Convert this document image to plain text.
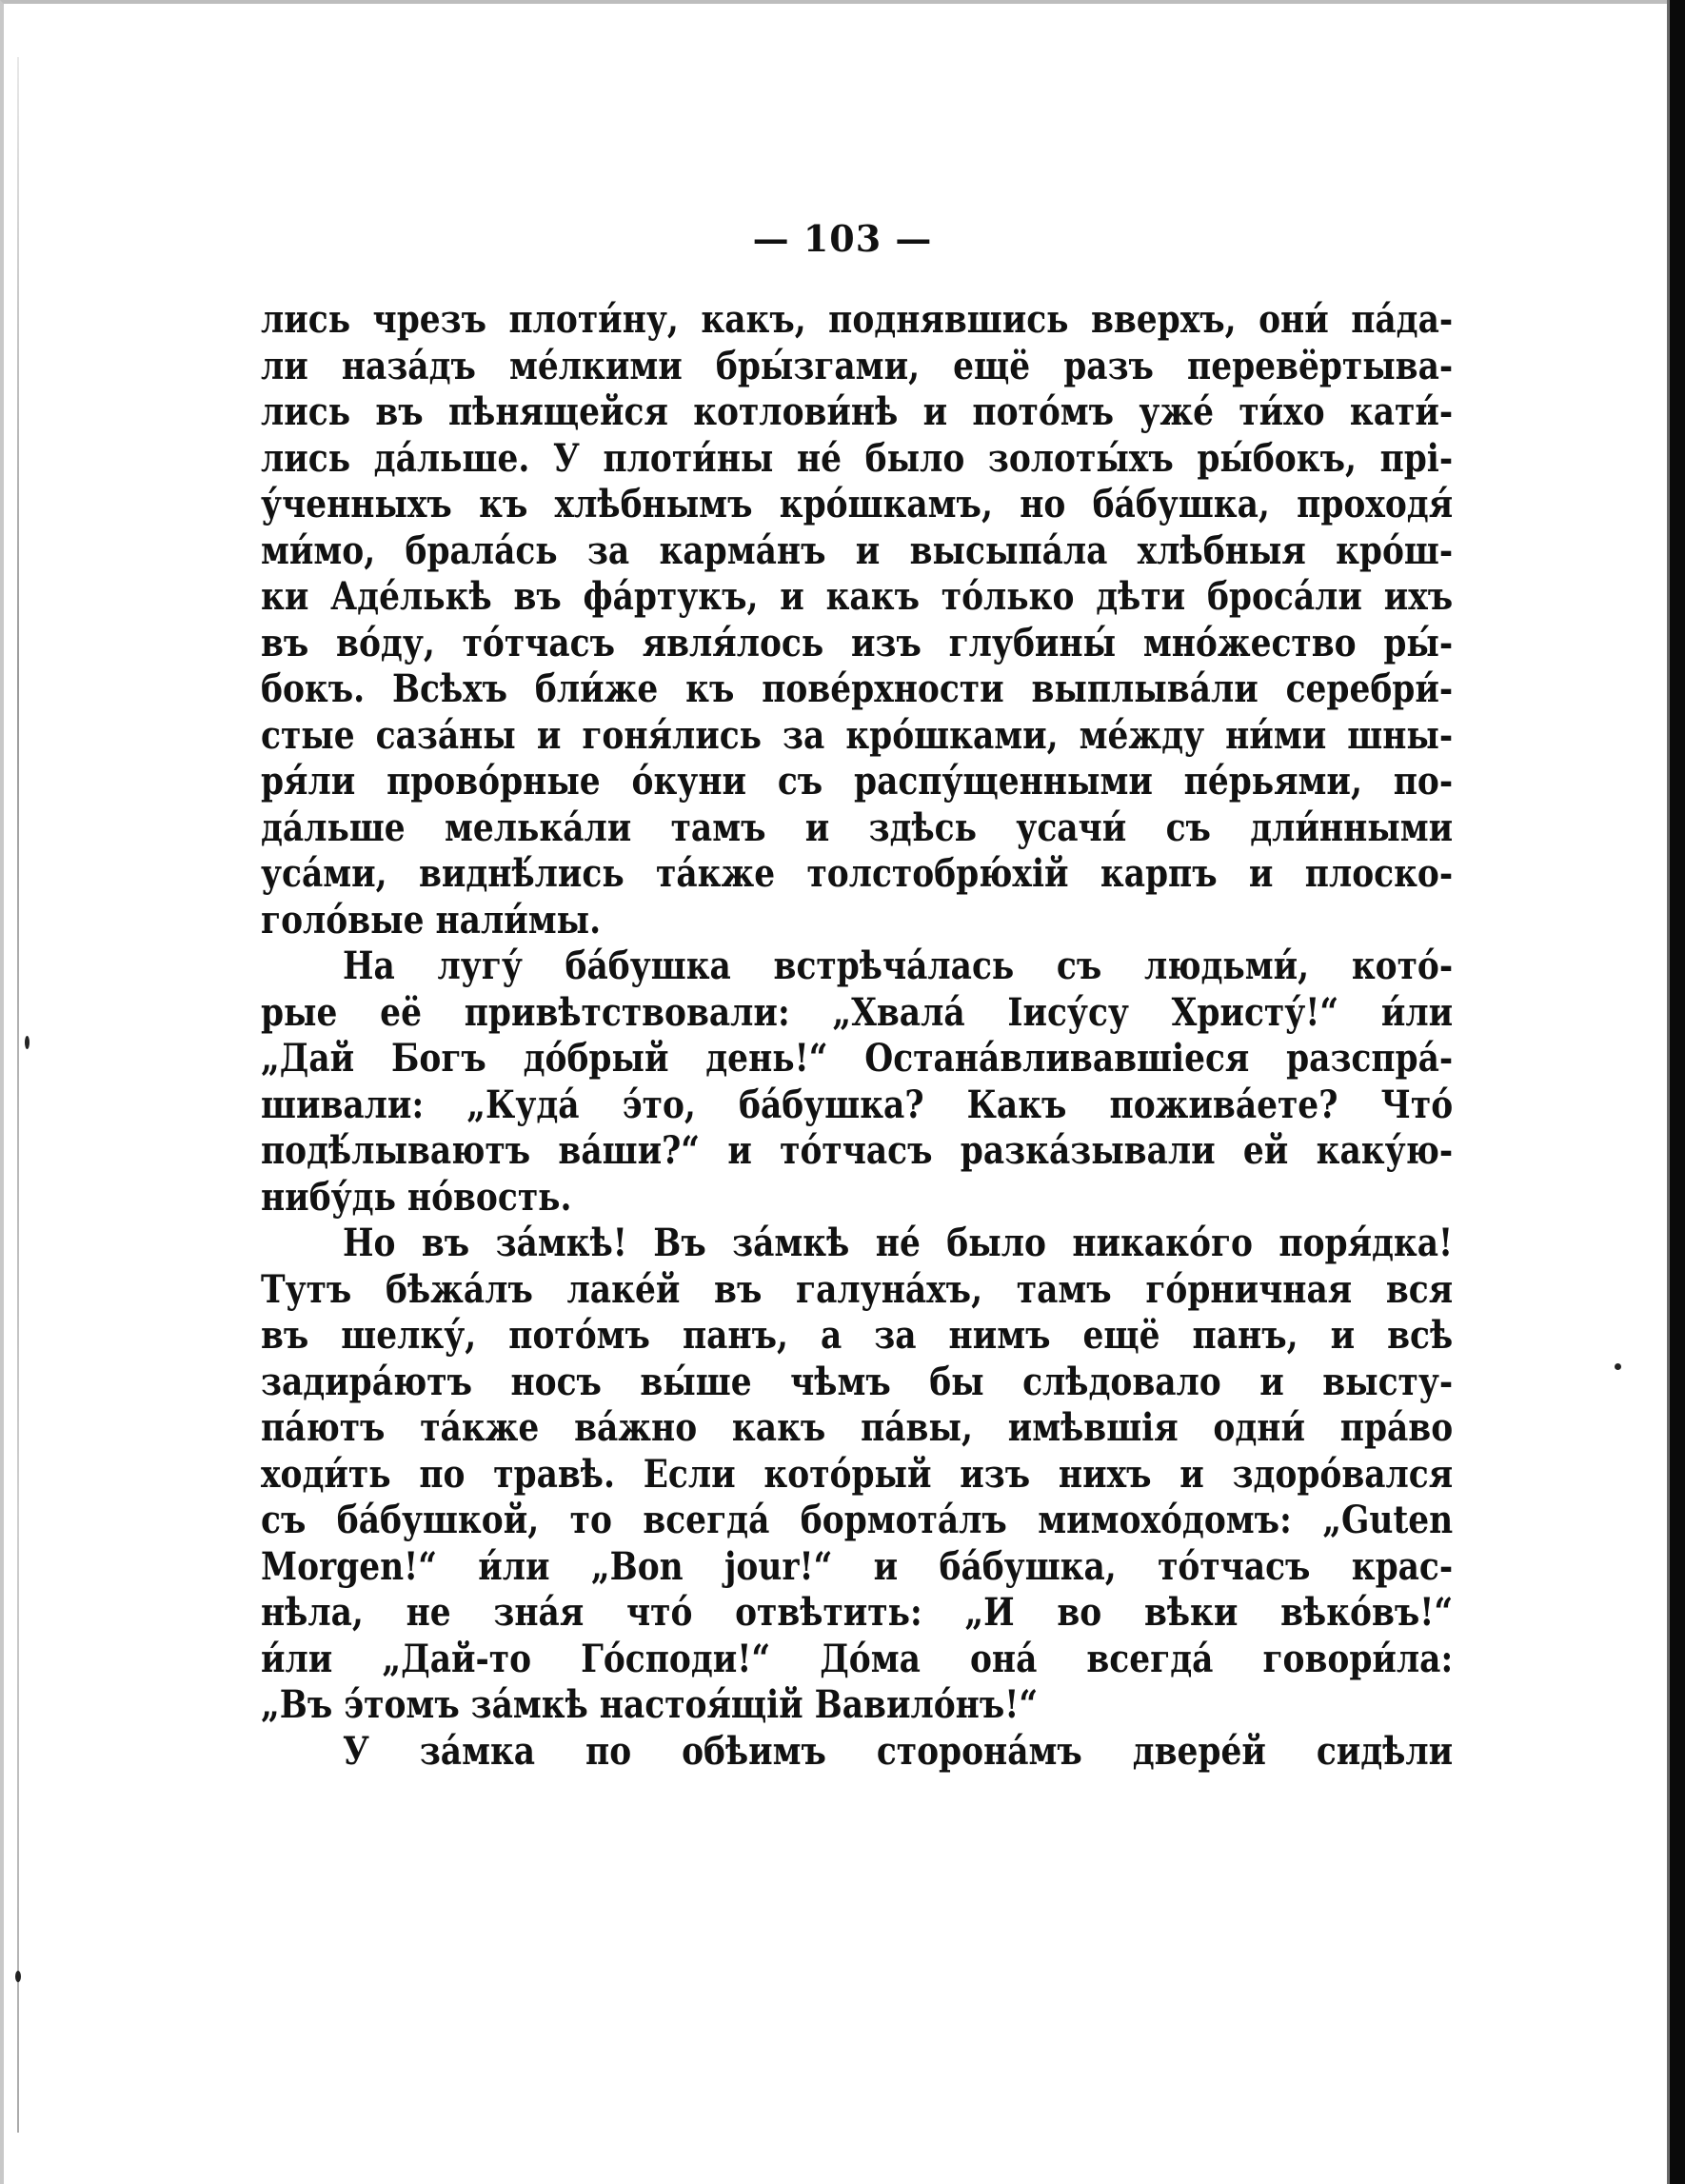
— 103 —
лись чрезъ плоти́ну, какъ, поднявшись вверхъ, они́ па́да-
ли наза́дъ ме́лкими бры́згами, ещё разъ перевёртыва-
лись въ пѣнящейся котлови́нѣ и пото́мъ уже́ ти́хо кати́-
лись да́льше. У плоти́ны не́ было золоты́хъ ры́бокъ, пpі-
у́ченныхъ къ хлѣбнымъ кро́шкамъ, но ба́бушка, проходя́
ми́мо, брала́сь за карма́нъ и высыпа́ла хлѣбныя кро́ш-
ки Аде́лькѣ въ фа́ртукъ, и какъ то́лько дѣти броса́ли ихъ
въ во́ду, то́тчасъ явля́лось изъ глубины́ мно́жество ры́-
бокъ. Всѣхъ бли́же къ пове́рхности выплыва́ли серебри́-
стые саза́ны и гоня́лись за кро́шками, ме́жду ни́ми шны-
ря́ли прово́рные о́куни съ распу́щенными пе́рьями, по-
да́льше мелька́ли тамъ и здѣсь усачи́ съ дли́нными
уса́ми, виднѣ́лись та́кже толстобрю́хій карпъ и плоско-
голо́вые нали́мы.
На лугу́ ба́бушка встрѣча́лась съ людьми́, кото́-
рые её привѣтствовали: „Хвала́ Іису́су Христу́!“ и́ли
„Дай Богъ до́брый день!“ Остана́вливавшіеся разспра́-
шивали: „Куда́ э́то, ба́бушка? Какъ пожива́ете? Что́
подѣ́лываютъ ва́ши?“ и то́тчасъ разка́зывали ей каку́ю-
нибу́дь но́вость.
Но въ за́мкѣ! Въ за́мкѣ не́ было никако́го поря́дка!
Тутъ бѣжа́лъ лаке́й въ галуна́хъ, тамъ го́рничная вся
въ шелку́, пото́мъ панъ, а за нимъ ещё панъ, и всѣ
задира́ютъ носъ вы́ше чѣмъ бы слѣдовало и высту-
па́ютъ та́кже ва́жно какъ па́вы, имѣвшія одни́ пра́во
ходи́ть по травѣ. Если кото́рый изъ нихъ и здоро́вался
съ ба́бушкой, то всегда́ бормота́лъ мимохо́домъ: „Guten
Morgen!“ и́ли „Bon jour!“ и ба́бушка, то́тчасъ крас-
нѣла, не зна́я что́ отвѣтить: „И во вѣки вѣко́въ!“
и́ли „Дай-то Го́споди!“ До́ма она́ всегда́ говори́ла:
„Въ э́томъ за́мкѣ настоя́щій Вавило́нъ!“
У за́мка по обѣимъ сторона́мъ двере́й сидѣли
